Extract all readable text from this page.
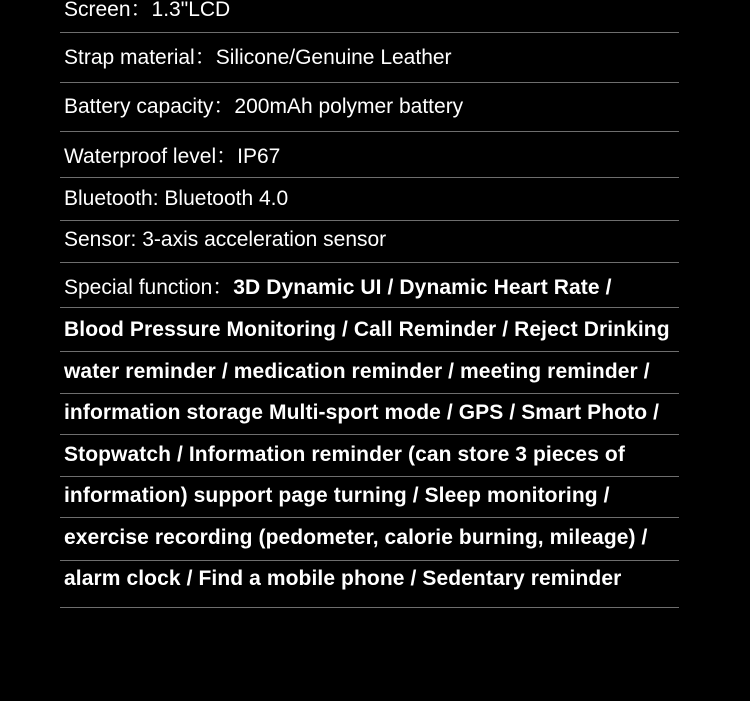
Screen：1.3"LCD
Strap material：Silicone/Genuine Leather
Battery capacity：200mAh polymer battery
Waterproof level：IP67
Bluetooth: Bluetooth 4.0
Sensor: 3-axis acceleration sensor
Special function：3D Dynamic UI / Dynamic Heart Rate /
Blood Pressure Monitoring / Call Reminder / Reject Drinking
water reminder / medication reminder / meeting reminder /
information storage Multi-sport mode / GPS / Smart Photo /
Stopwatch / Information reminder (can store 3 pieces of
information) support page turning / Sleep monitoring /
exercise recording (pedometer, calorie burning, mileage) /
alarm clock / Find a mobile phone / Sedentary reminder
